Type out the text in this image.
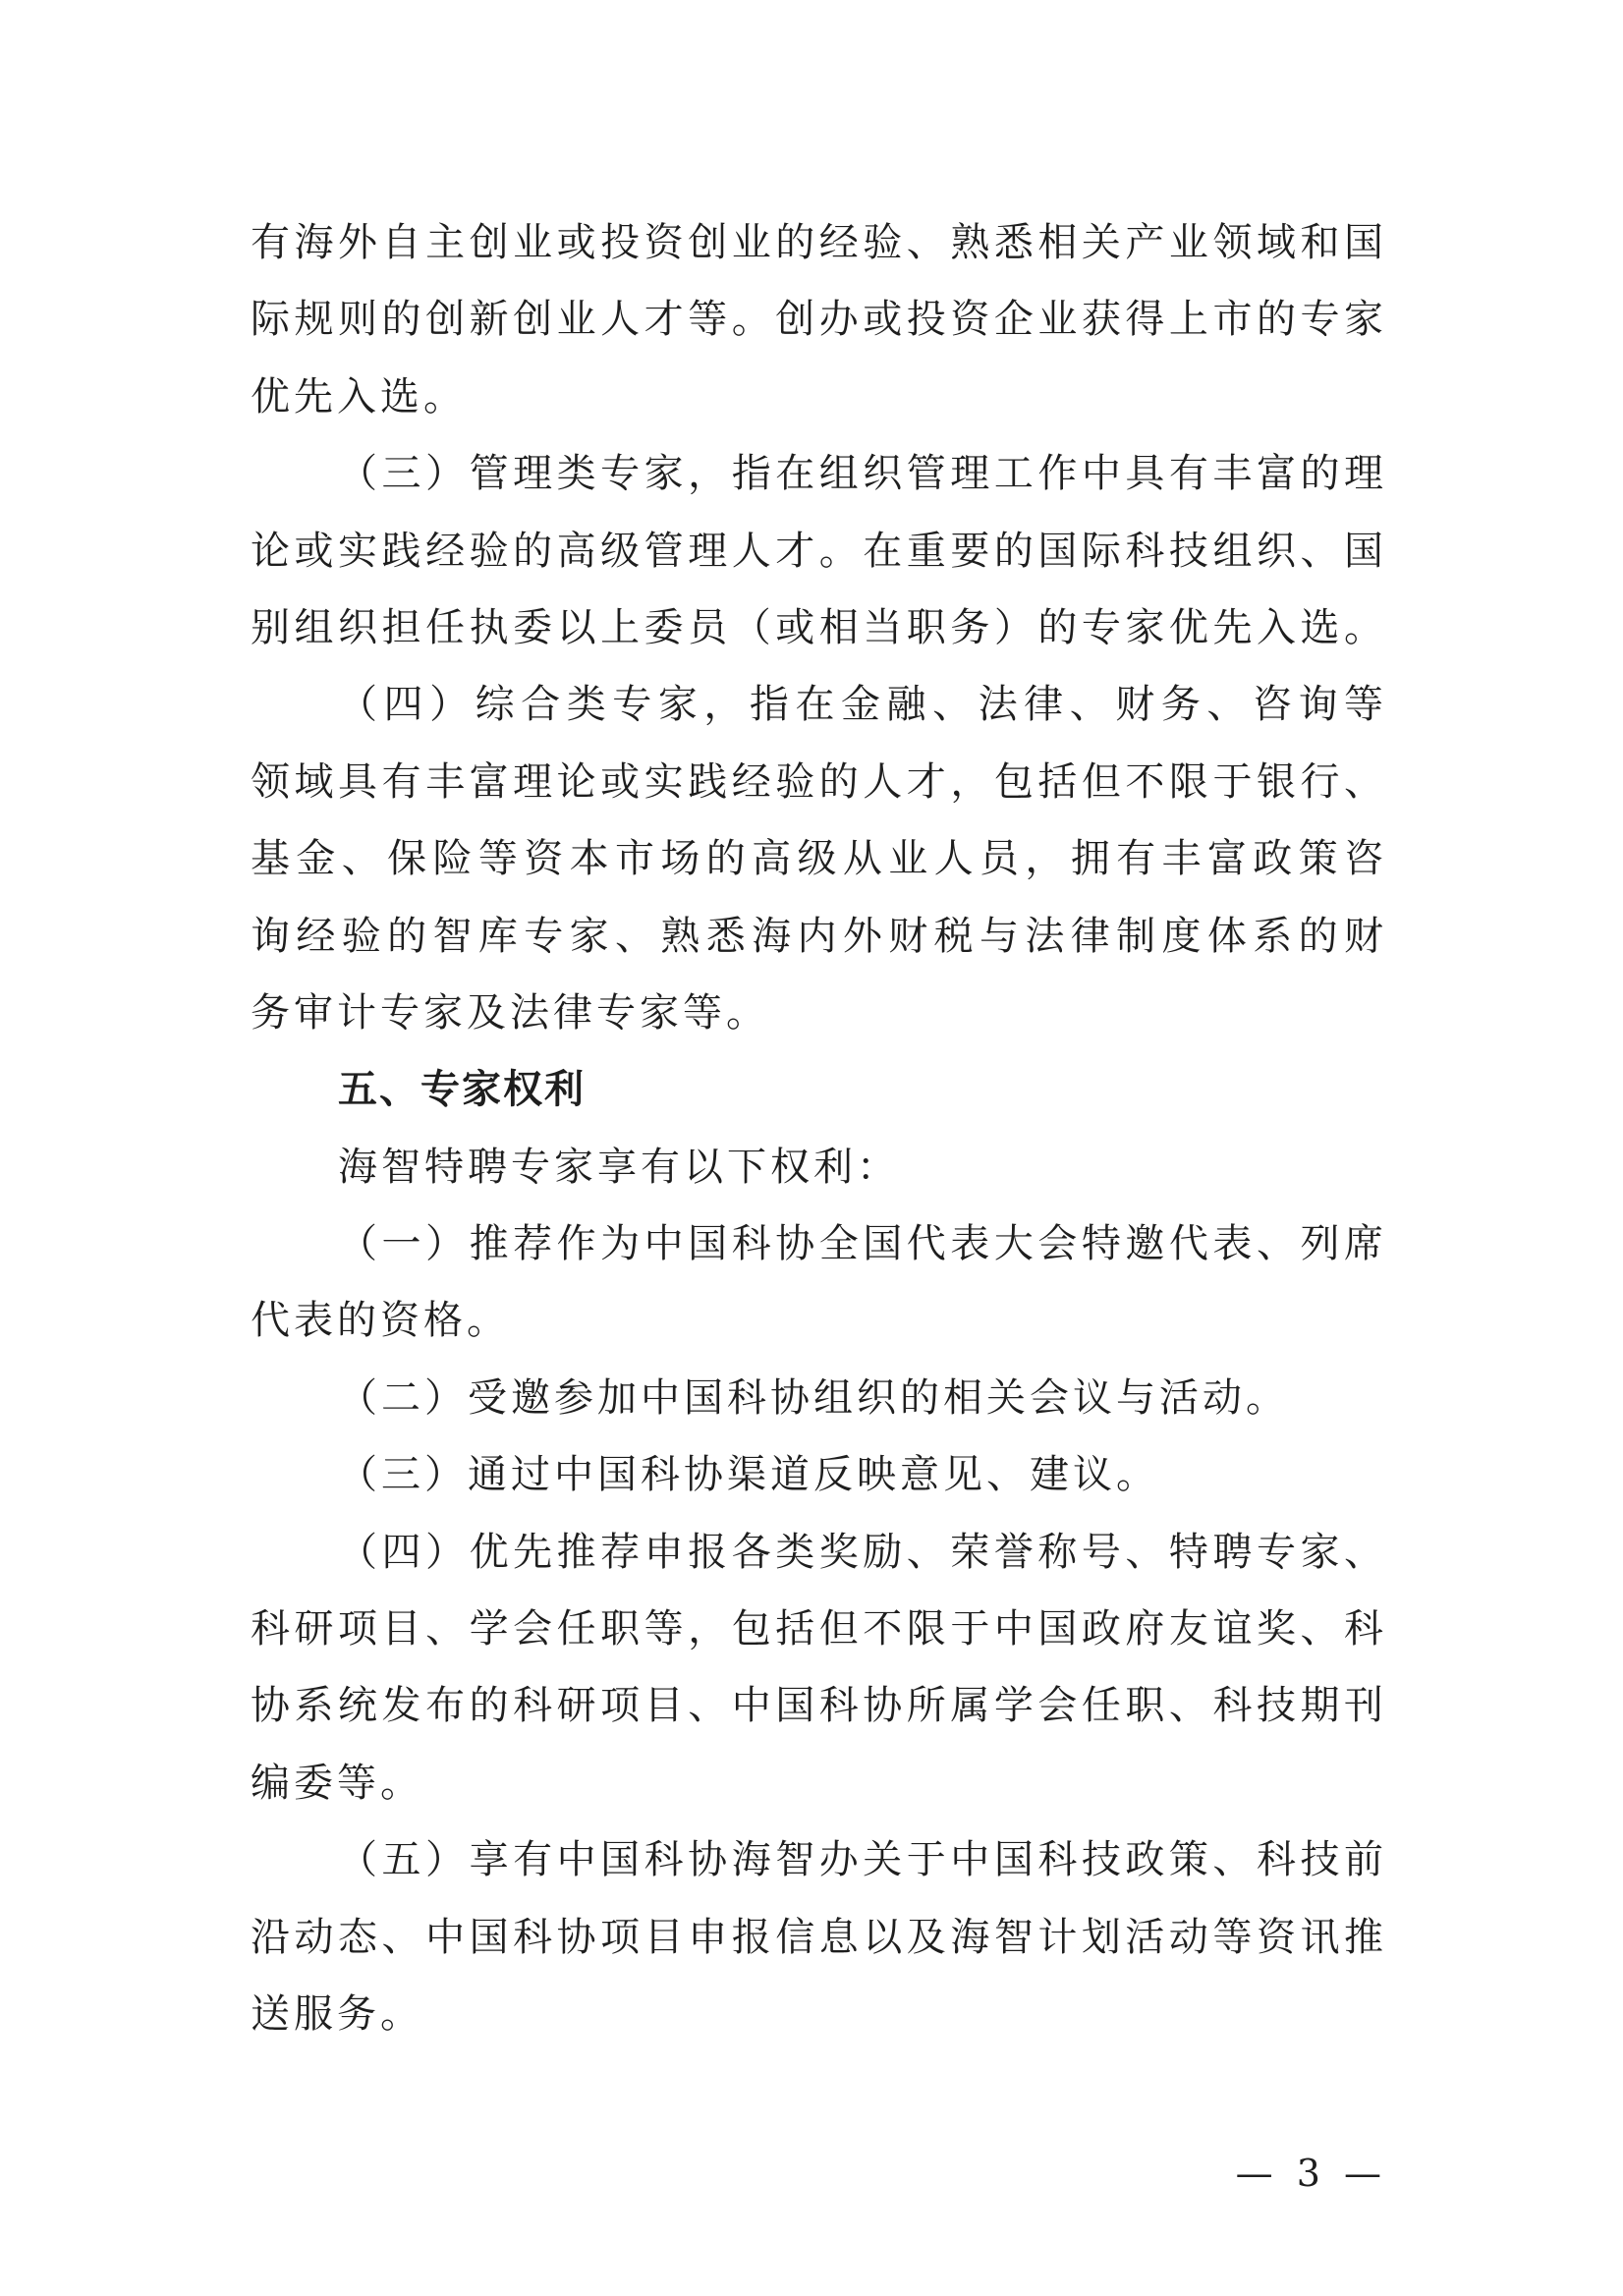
有海外自主创业或投资创业的经验、熟悉相关产业领域和国
际规则的创新创业人才等。创办或投资企业获得上市的专家
优先入选。
（三）管理类专家，指在组织管理工作中具有丰富的理
论或实践经验的高级管理人才。在重要的国际科技组织、国
别组织担任执委以上委员（或相当职务）的专家优先入选。
（四）综合类专家，指在金融、法律、财务、咨询等
领域具有丰富理论或实践经验的人才，包括但不限于银行、
基金、保险等资本市场的高级从业人员，拥有丰富政策咨
询经验的智库专家、熟悉海内外财税与法律制度体系的财
务审计专家及法律专家等。
五、专家权利
海智特聘专家享有以下权利：
（一）推荐作为中国科协全国代表大会特邀代表、列席
代表的资格。
（二）受邀参加中国科协组织的相关会议与活动。
（三）通过中国科协渠道反映意见、建议。
（四）优先推荐申报各类奖励、荣誉称号、特聘专家、
科研项目、学会任职等，包括但不限于中国政府友谊奖、科
协系统发布的科研项目、中国科协所属学会任职、科技期刊
编委等。
（五）享有中国科协海智办关于中国科技政策、科技前
沿动态、中国科协项目申报信息以及海智计划活动等资讯推
送服务。
— 3 —
